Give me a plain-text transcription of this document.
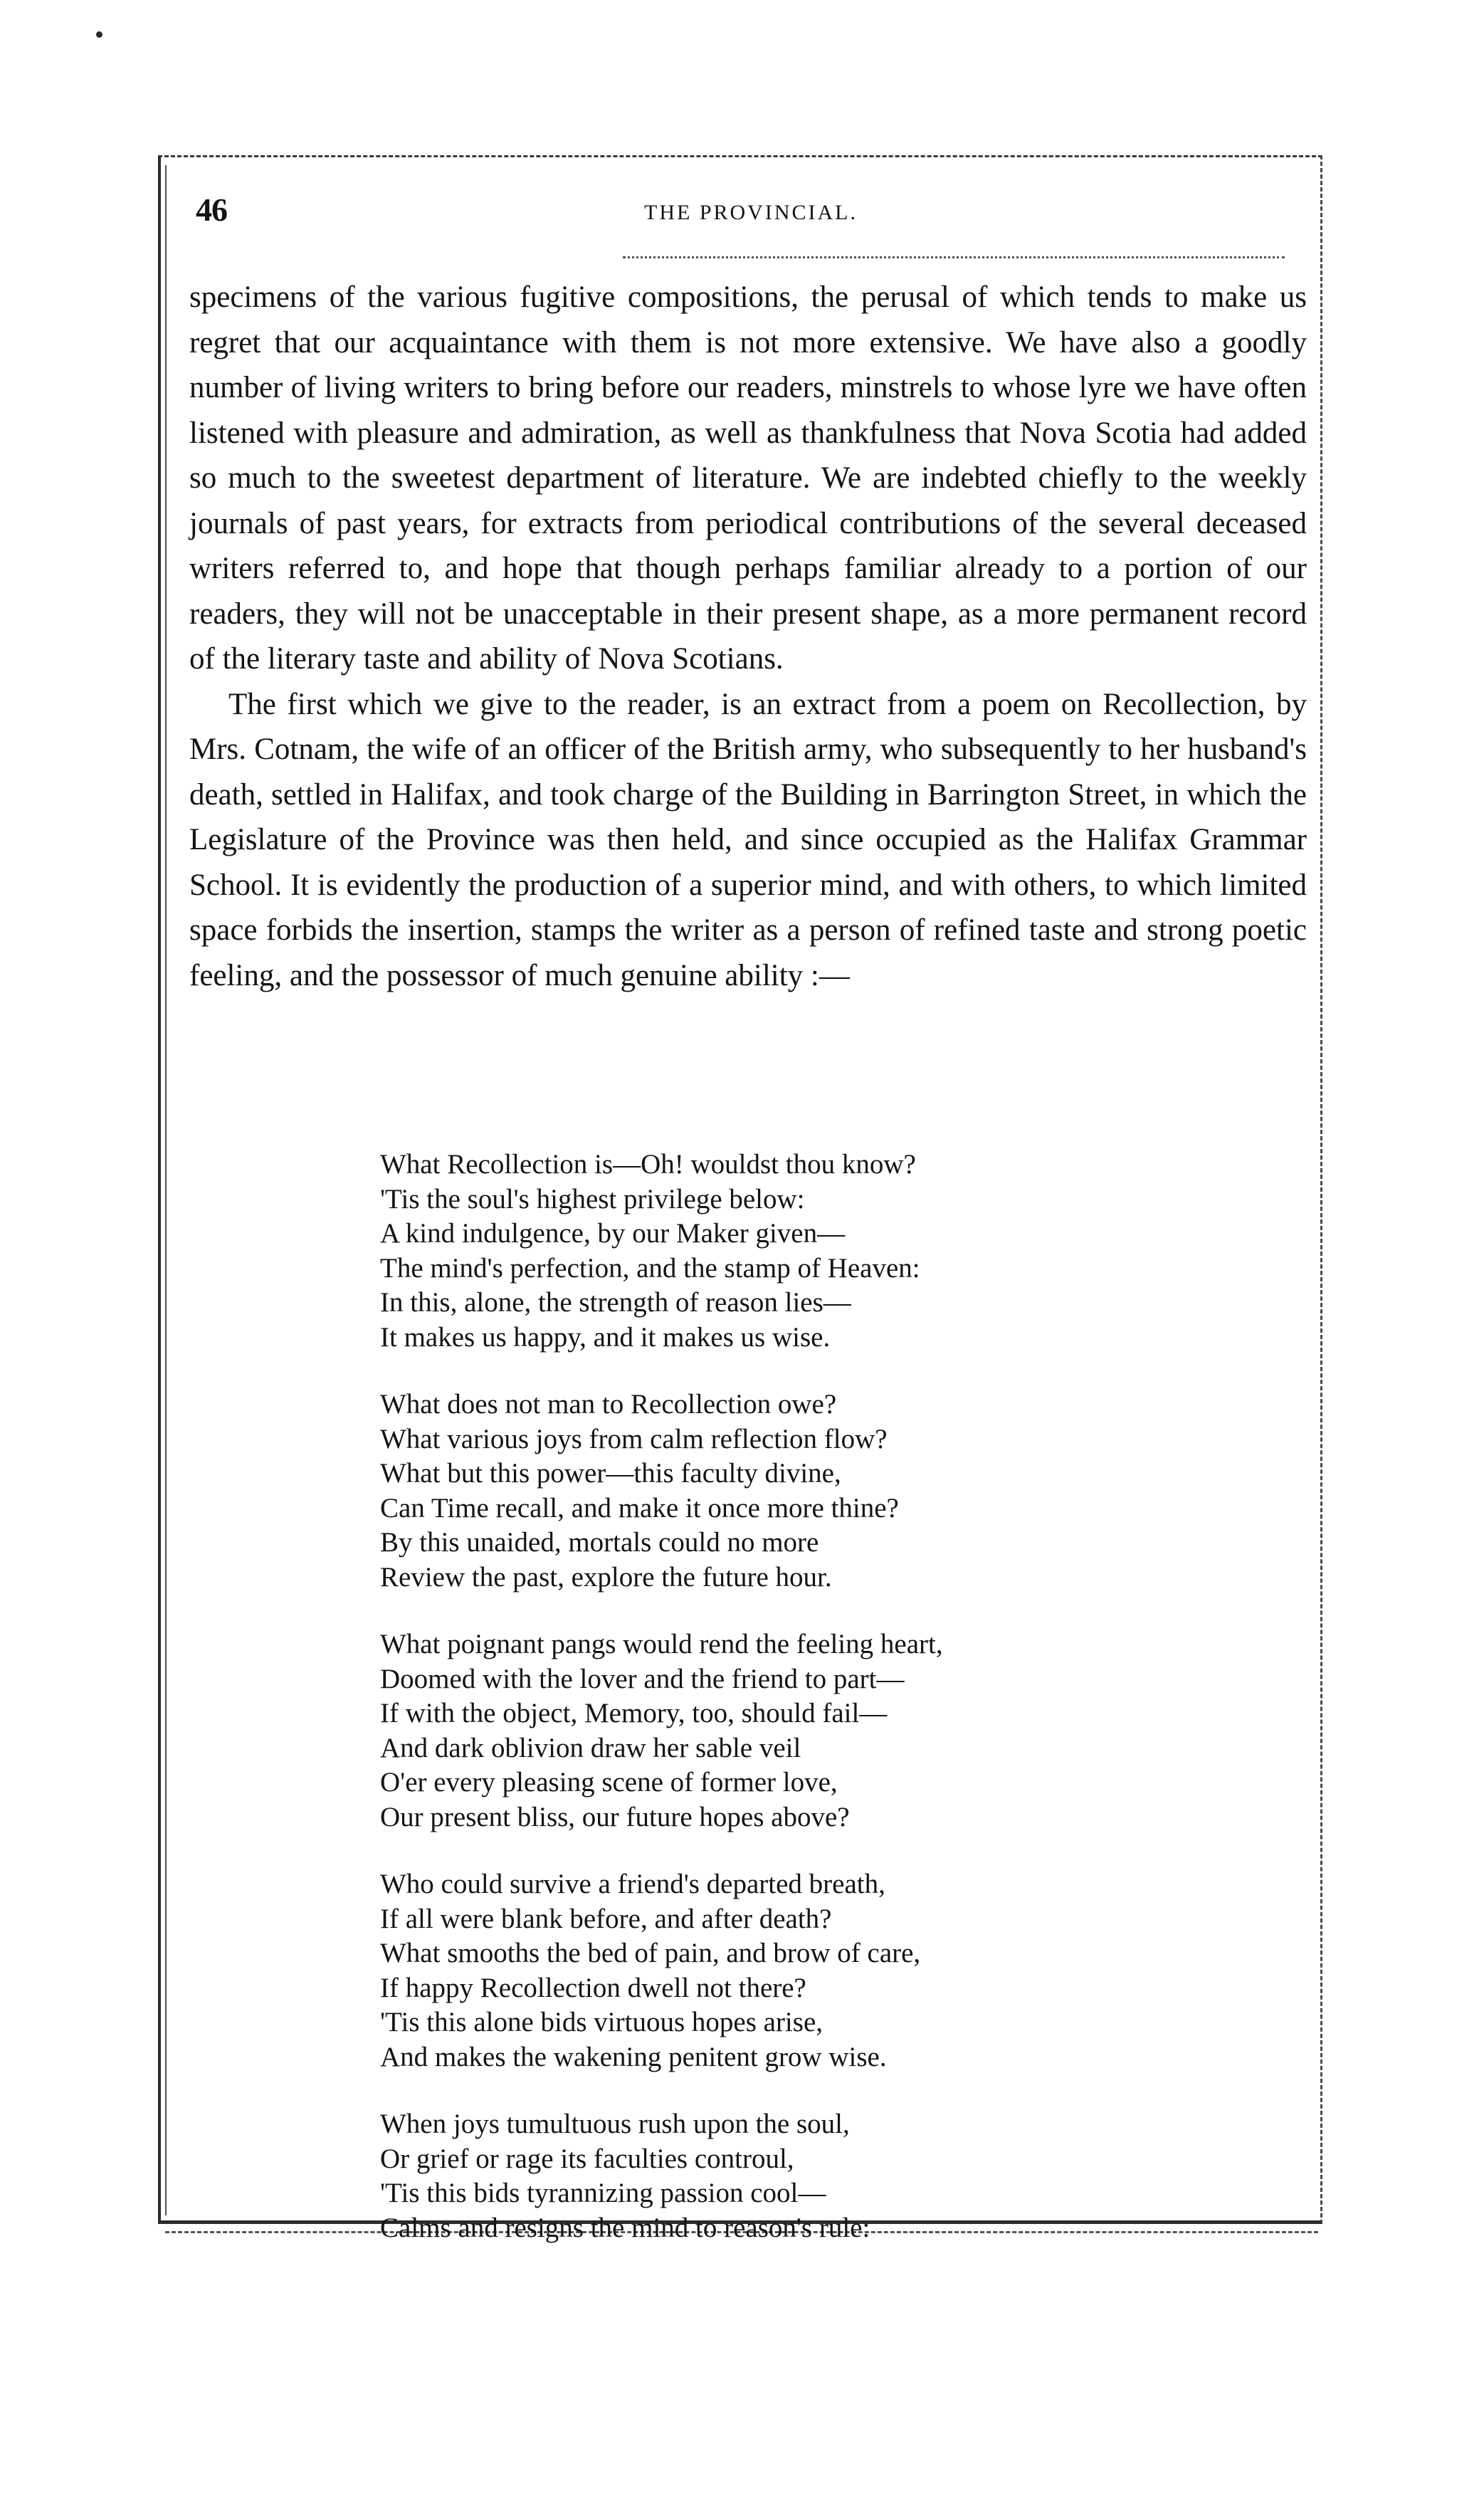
46	THE PROVINCIAL.

specimens of the various fugitive compositions, the perusal of which tends to make us regret that our acquaintance with them is not more extensive. We have also a goodly number of living writers to bring before our readers, minstrels to whose lyre we have often listened with pleasure and admiration, as well as thankfulness that Nova Scotia had added so much to the sweetest department of literature. We are indebted chiefly to the weekly journals of past years, for extracts from periodical contributions of the several deceased writers referred to, and hope that though perhaps familiar already to a portion of our readers, they will not be unacceptable in their present shape, as a more permanent record of the literary taste and ability of Nova Scotians.

The first which we give to the reader, is an extract from a poem on Recollection, by Mrs. Cotnam, the wife of an officer of the British army, who subsequently to her husband's death, settled in Halifax, and took charge of the Building in Barrington Street, in which the Legislature of the Province was then held, and since occupied as the Halifax Grammar School. It is evidently the production of a superior mind, and with others, to which limited space forbids the insertion, stamps the writer as a person of refined taste and strong poetic feeling, and the possessor of much genuine ability :—

What Recollection is—Oh! wouldst thou know?
'Tis the soul's highest privilege below:
A kind indulgence, by our Maker given—
The mind's perfection, and the stamp of Heaven:
In this, alone, the strength of reason lies—
It makes us happy, and it makes us wise.
What does not man to Recollection owe?
What various joys from calm reflection flow?
What but this power—this faculty divine,
Can Time recall, and make it once more thine?
By this unaided, mortals could no more
Review the past, explore the future hour.
What poignant pangs would rend the feeling heart,
Doomed with the lover and the friend to part—
If with the object, Memory, too, should fail—
And dark oblivion draw her sable veil
O'er every pleasing scene of former love,
Our present bliss, our future hopes above?
Who could survive a friend's departed breath,
If all were blank before, and after death?
What smooths the bed of pain, and brow of care,
If happy Recollection dwell not there?
'Tis this alone bids virtuous hopes arise,
And makes the wakening penitent grow wise.
When joys tumultuous rush upon the soul,
Or grief or rage its faculties controul,
'Tis this bids tyrannizing passion cool—
Calms and resigns the mind to reason's rule:
